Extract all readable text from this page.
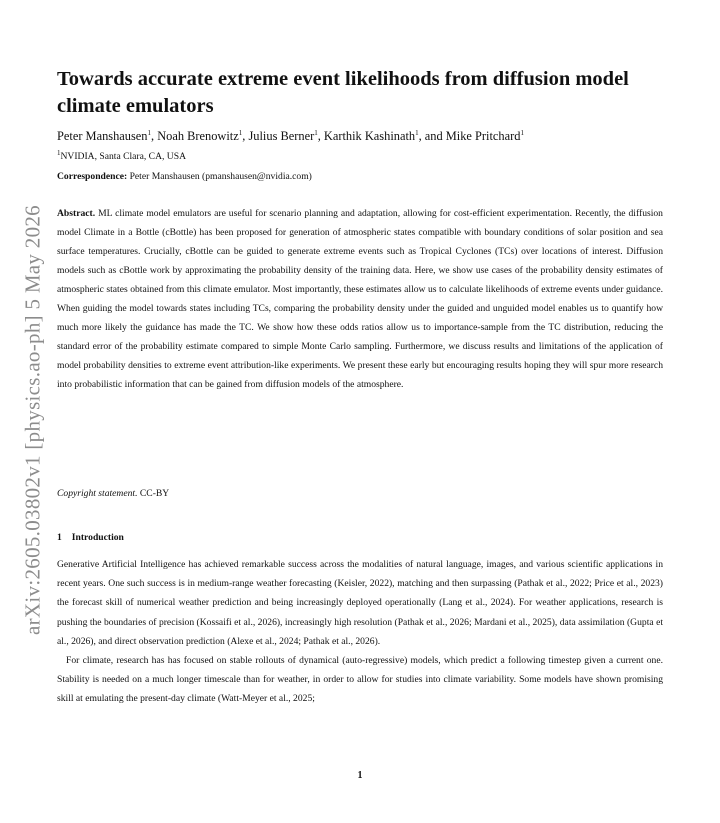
arXiv:2605.03802v1 [physics.ao-ph] 5 May 2026
Towards accurate extreme event likelihoods from diffusion model climate emulators
Peter Manshausen$^1$, Noah Brenowitz$^1$, Julius Berner$^1$, Karthik Kashinath$^1$, and Mike Pritchard$^1$
$^1$NVIDIA, Santa Clara, CA, USA
Correspondence: Peter Manshausen (pmanshausen@nvidia.com)

Abstract. ML climate model emulators are useful for scenario planning and adaptation, allowing for cost-efficient experimentation. Recently, the diffusion model Climate in a Bottle (cBottle) has been proposed for generation of atmospheric states compatible with boundary conditions of solar position and sea surface temperatures. Crucially, cBottle can be guided to generate extreme events such as Tropical Cyclones (TCs) over locations of interest. Diffusion models such as cBottle work by approximating the probability density of the training data. Here, we show use cases of the probability density estimates of atmospheric states obtained from this climate emulator. Most importantly, these estimates allow us to calculate likelihoods of extreme events under guidance. When guiding the model towards states including TCs, comparing the probability density under the guided and unguided model enables us to quantify how much more likely the guidance has made the TC. We show how these odds ratios allow us to importance-sample from the TC distribution, reducing the standard error of the probability estimate compared to simple Monte Carlo sampling. Furthermore, we discuss results and limitations of the application of model probability densities to extreme event attribution-like experiments. We present these early but encouraging results hoping they will spur more research into probabilistic information that can be gained from diffusion models of the atmosphere.

Copyright statement. CC-BY
1 Introduction

Generative Artificial Intelligence has achieved remarkable success across the modalities of natural language, images, and various scientific applications in recent years. One such success is in medium-range weather forecasting (Keisler, 2022), matching and then surpassing (Pathak et al., 2022; Price et al., 2023) the forecast skill of numerical weather prediction and being increasingly deployed operationally (Lang et al., 2024). For weather applications, research is pushing the boundaries of precision (Kossaifi et al., 2026), increasingly high resolution (Pathak et al., 2026; Mardani et al., 2025), data assimilation (Gupta et al., 2026), and direct observation prediction (Alexe et al., 2024; Pathak et al., 2026).

For climate, research has has focused on stable rollouts of dynamical (auto-regressive) models, which predict a following timestep given a current one. Stability is needed on a much longer timescale than for weather, in order to allow for studies into climate variability. Some models have shown promising skill at emulating the present-day climate (Watt-Meyer et al., 2025;

1
